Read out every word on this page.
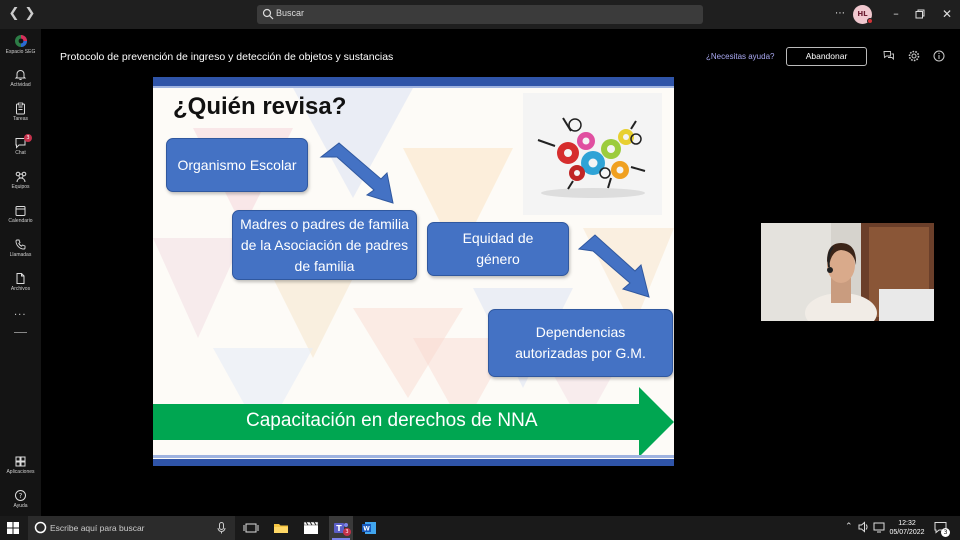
❮ ❯	Buscar	⋯	HL	–	✕
Espacio SEG
Actividad
Tareas
3
Chat
Equipos
Calendario
Llamadas
Archivos
···
Aplicaciones
?
Ayuda
Protocolo de prevención de ingreso y detección de objetos y sustancias	¿Necesitas ayuda?	Abandonar
¿Quién revisa?
Organismo Escolar
Madres o padres de familia de la Asociación de padres de familia
Equidad de género
Dependencias autorizadas por G.M.
Capacitación en derechos de NNA
Escribe aquí para buscar	T 3	W	⌃	12:32
05/07/2022	3
